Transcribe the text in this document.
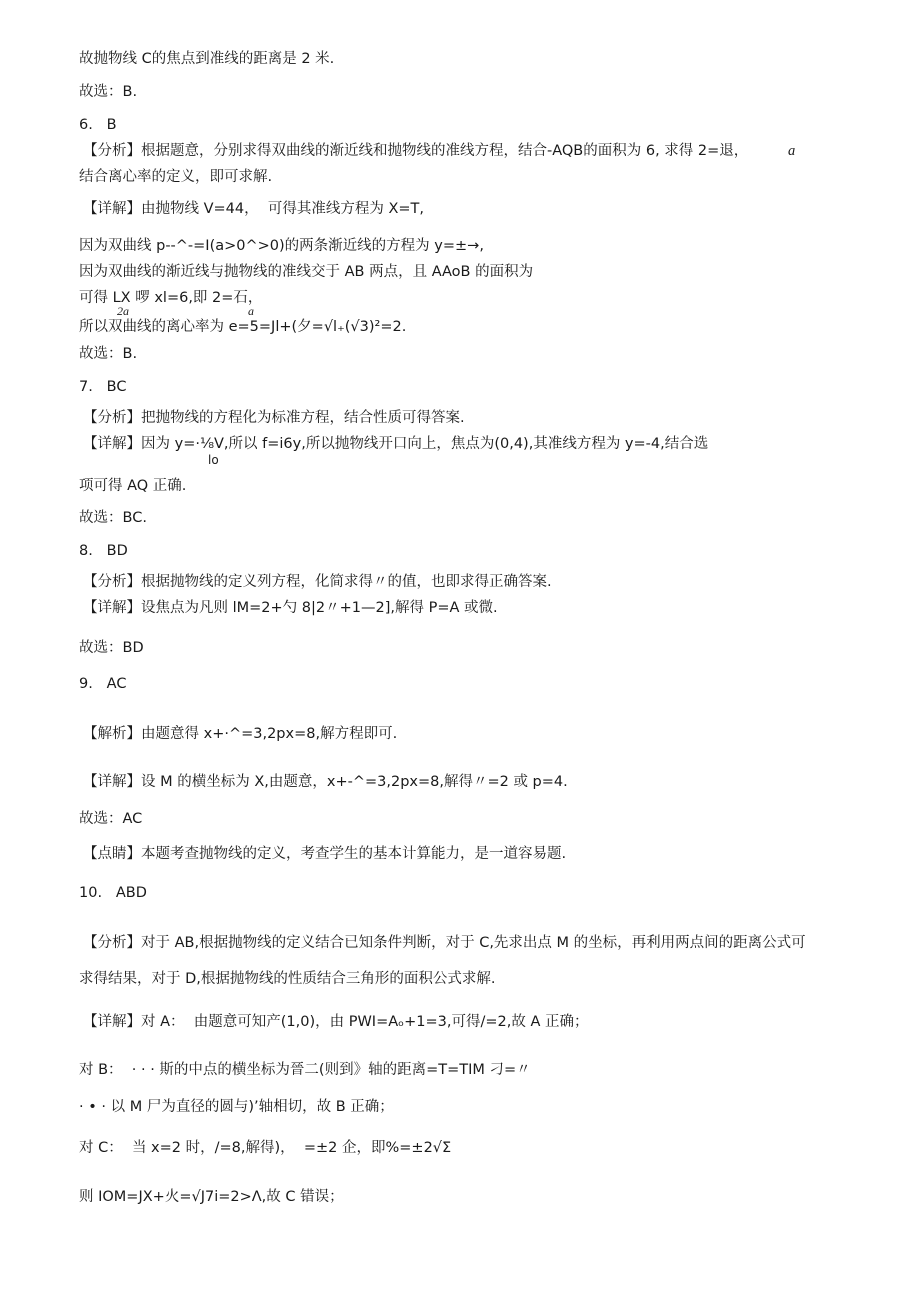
故抛物线 C的焦点到准线的距离是 2 米.
故选：B.
6.   B
【分析】根据题意，分别求得双曲线的渐近线和抛物线的准线方程，结合-AQB的面积为 6, 求得 2=退，	a
结合离心率的定义，即可求解.
【详解】由抛物线 V=44，  可得其准线方程为 X=T,
因为双曲线 p--^-=I(a>0^>0)的两条渐近线的方程为 y=±→,
因为双曲线的渐近线与抛物线的准线交于 AB 两点，且 AAoB 的面积为
可得 LX 啰 xl=6,即 2=石，
2a	a
所以双曲线的离心率为 e=5=Jl+(夕=√l₊(√3)²=2.
故选：B.
7.   BC
【分析】把抛物线的方程化为标准方程，结合性质可得答案.
【详解】因为 y=·⅛V,所以 f=i6y,所以抛物线开口向上，焦点为(0,4),其准线方程为 y=-4,结合选
lo
项可得 AQ 正确.
故选：BC.
8.   BD
【分析】根据抛物线的定义列方程，化简求得〃的值，也即求得正确答案.
【详解】设焦点为凡则 lM=2+勺 8|2〃+1—2],解得 P=A 或微.
故选：BD
9.   AC
【解析】由题意得 x+·^=3,2px=8,解方程即可.
【详解】设 M 的横坐标为 X,由题意，x+-^=3,2px=8,解得〃=2 或 p=4.
故选：AC
【点睛】本题考查抛物线的定义，考查学生的基本计算能力，是一道容易题.
10.   ABD
【分析】对于 AB,根据抛物线的定义结合已知条件判断，对于 C,先求出点 M 的坐标，再利用两点间的距离公式可
求得结果，对于 D,根据抛物线的性质结合三角形的面积公式求解.
【详解】对 A：  由题意可知产(1,0)，由 PWI=Aₒ+1=3,可得/=2,故 A 正确；
对 B：  · · · 斯的中点的横坐标为晉二(则到》轴的距离=T=TIM 刁=〃
· • · 以 M 尸为直径的圆与)’轴相切，故 B 正确；
对 C：  当 x=2 时，/=8,解得)，  =±2 企，即%=±2√Σ
则 IOM=JX+火=√J7i=2>Λ,故 C 错误；
